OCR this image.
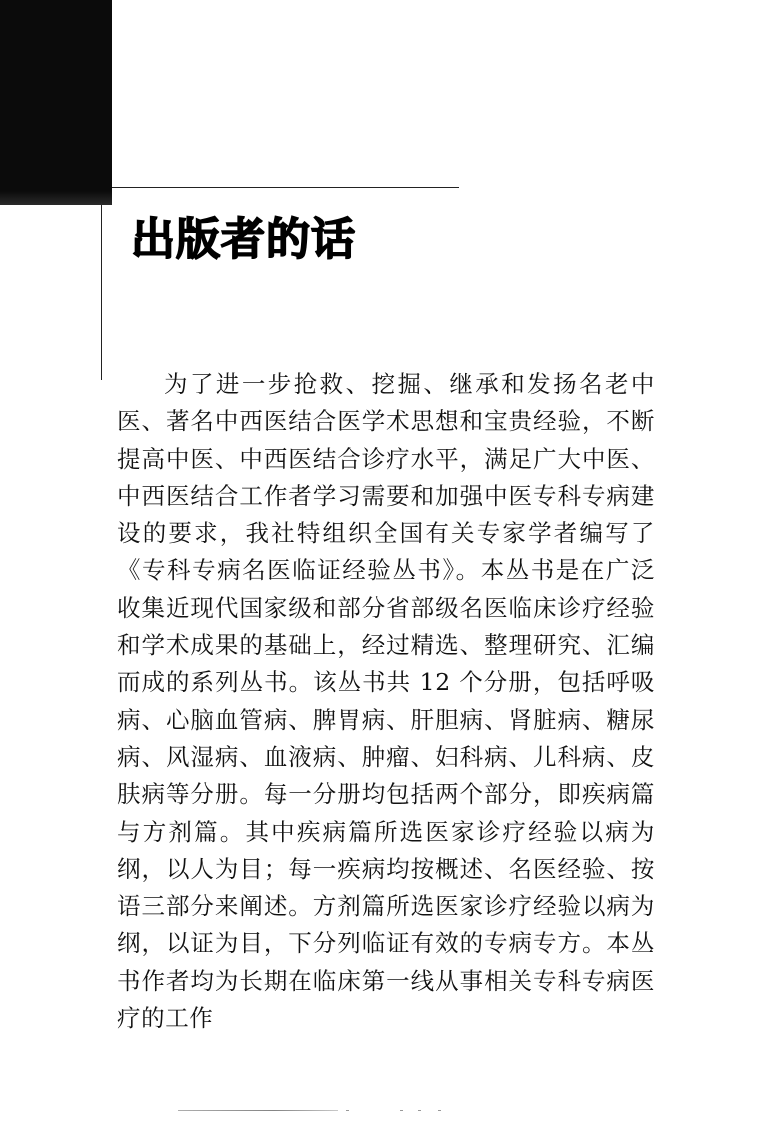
出版者的话

为了进一步抢救、挖掘、继承和发扬名老中医、著名中西医结合医学术思想和宝贵经验，不断提高中医、中西医结合诊疗水平，满足广大中医、中西医结合工作者学习需要和加强中医专科专病建设的要求，我社特组织全国有关专家学者编写了《专科专病名医临证经验丛书》。本丛书是在广泛收集近现代国家级和部分省部级名医临床诊疗经验和学术成果的基础上，经过精选、整理研究、汇编而成的系列丛书。该丛书共 12 个分册，包括呼吸病、心脑血管病、脾胃病、肝胆病、肾脏病、糖尿病、风湿病、血液病、肿瘤、妇科病、儿科病、皮肤病等分册。每一分册均包括两个部分，即疾病篇与方剂篇。其中疾病篇所选医家诊疗经验以病为纲，以人为目；每一疾病均按概述、名医经验、按语三部分来阐述。方剂篇所选医家诊疗经验以病为纲，以证为目，下分列临证有效的专病专方。本丛书作者均为长期在临床第一线从事相关专科专病医疗的工作
